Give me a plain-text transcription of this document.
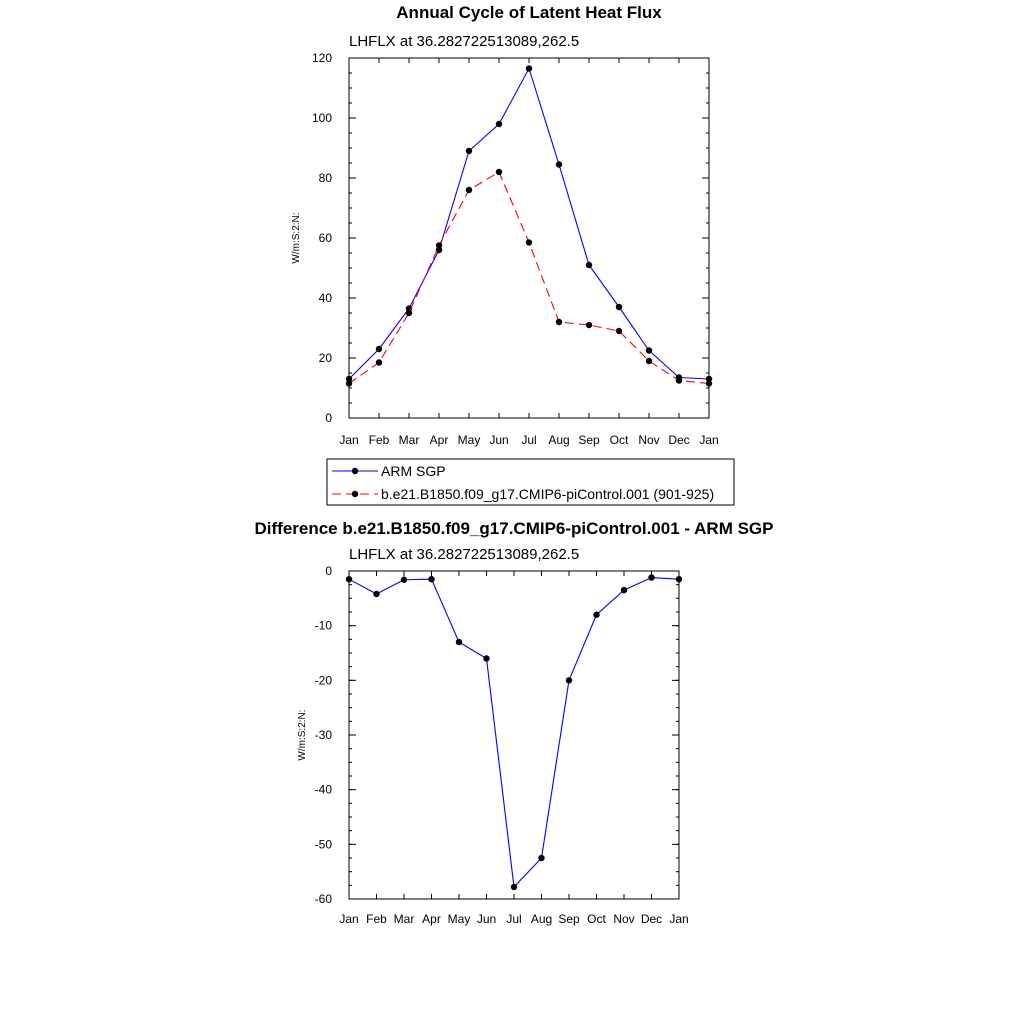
Annual Cycle of Latent Heat Flux
LHFLX at 36.282722513089,262.5
W/m:S:2:N:
Jan Feb Mar Apr May Jun Jul Aug Sep Oct Nov Dec Jan
0
20
40
60
80
100
120
ARM SGP
b.e21.B1850.f09_g17.CMIP6-piControl.001 (901-925)
Difference b.e21.B1850.f09_g17.CMIP6-piControl.001 - ARM SGP
LHFLX at 36.282722513089,262.5
W/m:S:2:N:
Jan Feb Mar Apr May Jun Jul Aug Sep Oct Nov Dec Jan
0
-10
-20
-30
-40
-50
-60
